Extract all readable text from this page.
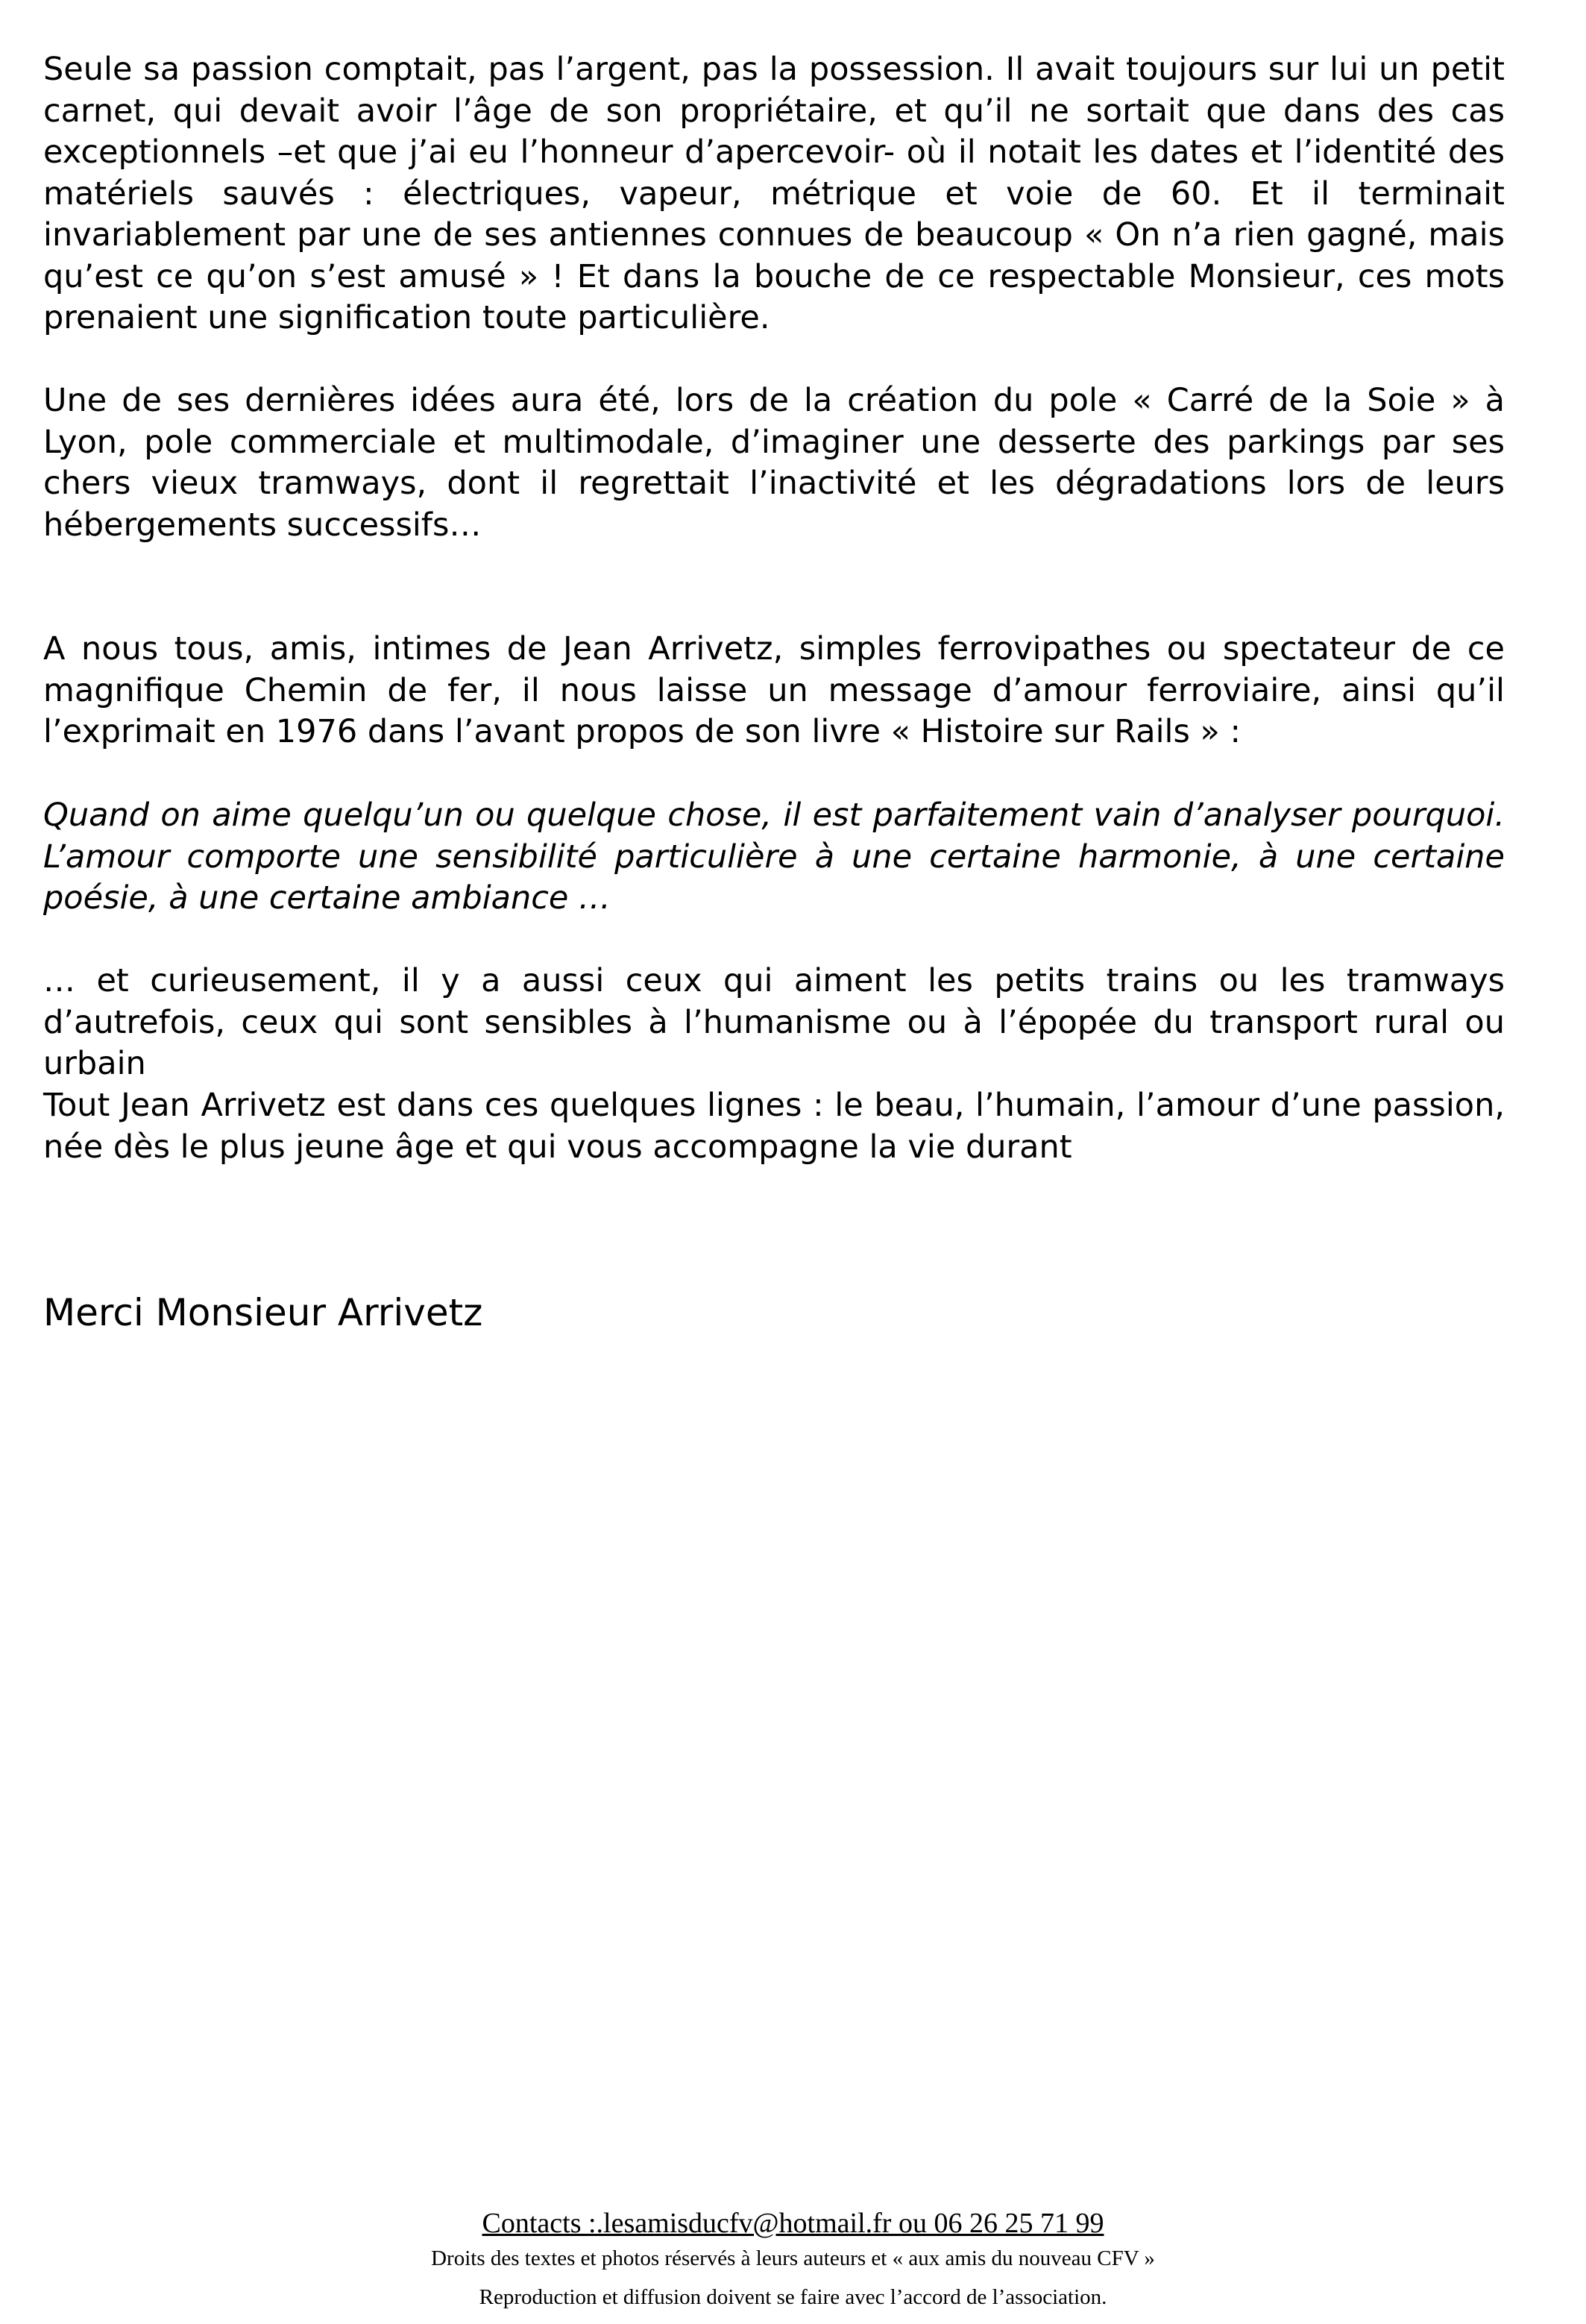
Seule sa passion comptait, pas l’argent, pas la possession. Il avait toujours sur lui un petit carnet, qui devait avoir l’âge de son propriétaire, et qu’il ne sortait que dans des cas exceptionnels –et que j’ai eu l’honneur d’apercevoir- où il notait les dates et l’identité des matériels sauvés : électriques, vapeur, métrique et voie de 60. Et il terminait invariablement par une de ses antiennes connues de beaucoup « On n’a rien gagné, mais qu’est ce qu’on s’est amusé » ! Et dans la bouche de ce respectable Monsieur, ces mots prenaient une signification toute particulière.

Une de ses dernières idées aura été, lors de la création du pole « Carré de la Soie » à Lyon, pole commerciale et multimodale, d’imaginer une desserte des parkings par ses chers vieux tramways, dont il regrettait l’inactivité et les dégradations lors de leurs hébergements successifs…

A nous tous, amis, intimes de Jean Arrivetz, simples ferrovipathes ou spectateur de ce magnifique Chemin de fer, il nous laisse un message d’amour ferroviaire, ainsi qu’il l’exprimait en 1976 dans l’avant propos de son livre « Histoire sur Rails » :

Quand on aime quelqu’un ou quelque chose, il est parfaitement vain d’analyser pourquoi. L’amour comporte une sensibilité particulière à une certaine harmonie, à une certaine poésie, à une certaine ambiance …

… et curieusement, il y a aussi ceux qui aiment les petits trains ou les tramways d’autrefois, ceux qui sont sensibles à l’humanisme ou à l’épopée du transport rural ou urbain

Tout Jean Arrivetz est dans ces quelques lignes : le beau, l’humain, l’amour d’une passion, née dès le plus jeune âge et qui vous accompagne la vie durant

Merci Monsieur Arrivetz

Contacts :.lesamisducfv@hotmail.fr ou 06 26 25 71 99

Droits des textes et photos réservés à leurs auteurs et « aux amis du nouveau CFV »

Reproduction et diffusion doivent se faire avec l’accord de l’association.
